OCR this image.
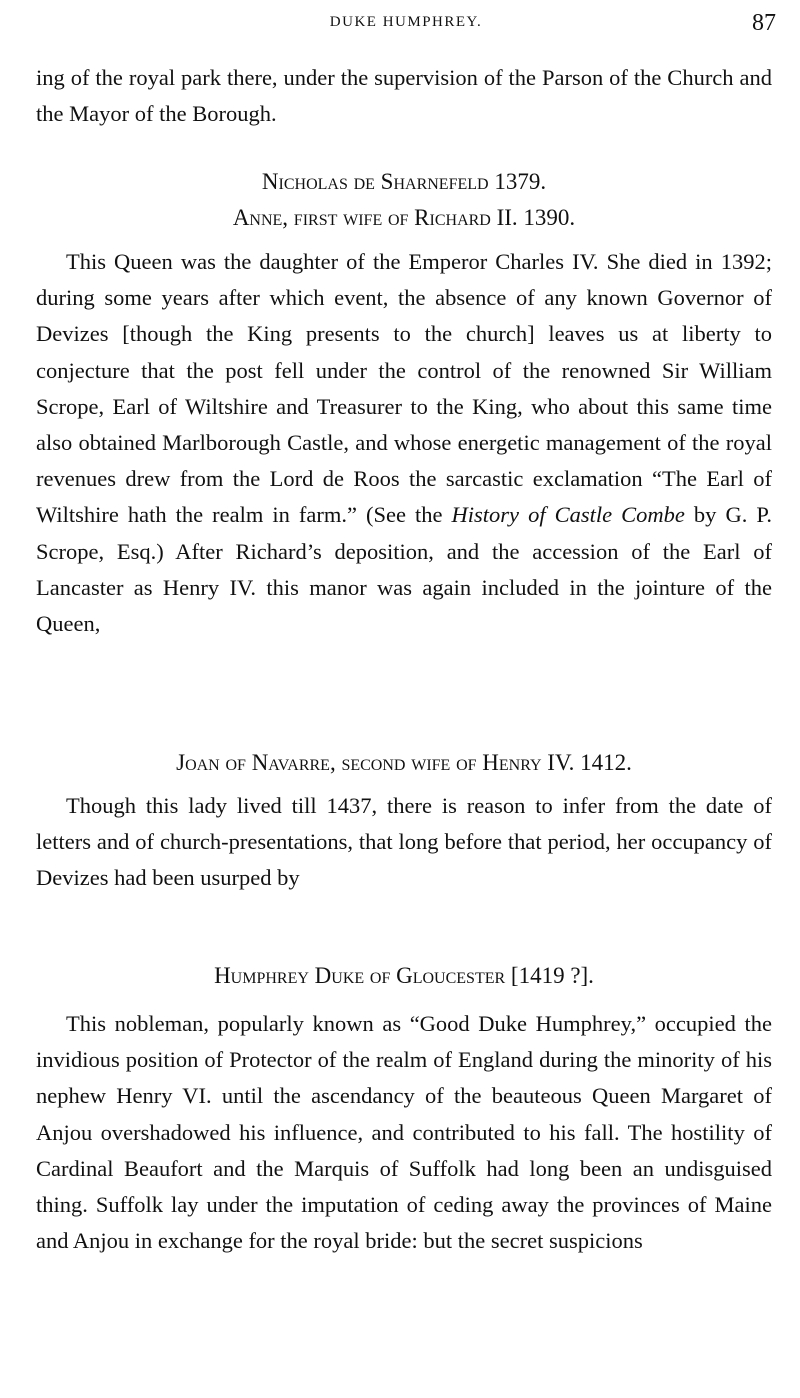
DUKE HUMPHREY.	87

ing of the royal park there, under the supervision of the Parson of the Church and the Mayor of the Borough.

Nicholas de Sharnefeld 1379.
Anne, first wife of Richard II. 1390.

This Queen was the daughter of the Emperor Charles IV. She died in 1392; during some years after which event, the absence of any known Governor of Devizes [though the King presents to the church] leaves us at liberty to conjecture that the post fell under the control of the renowned Sir William Scrope, Earl of Wiltshire and Treasurer to the King, who about this same time also obtained Marlborough Castle, and whose energetic management of the royal revenues drew from the Lord de Roos the sarcastic exclamation “The Earl of Wiltshire hath the realm in farm.” (See the History of Castle Combe by G. P. Scrope, Esq.) After Richard’s deposition, and the accession of the Earl of Lancaster as Henry IV. this manor was again included in the jointure of the Queen,

Joan of Navarre, second wife of Henry IV. 1412.

Though this lady lived till 1437, there is reason to infer from the date of letters and of church-presentations, that long before that period, her occupancy of Devizes had been usurped by

Humphrey Duke of Gloucester [1419 ?].

This nobleman, popularly known as “Good Duke Humphrey,” occupied the invidious position of Protector of the realm of England during the minority of his nephew Henry VI. until the ascendancy of the beauteous Queen Margaret of Anjou overshadowed his influence, and contributed to his fall. The hostility of Cardinal Beaufort and the Marquis of Suffolk had long been an undisguised thing. Suffolk lay under the imputation of ceding away the provinces of Maine and Anjou in exchange for the royal bride: but the secret suspicions
